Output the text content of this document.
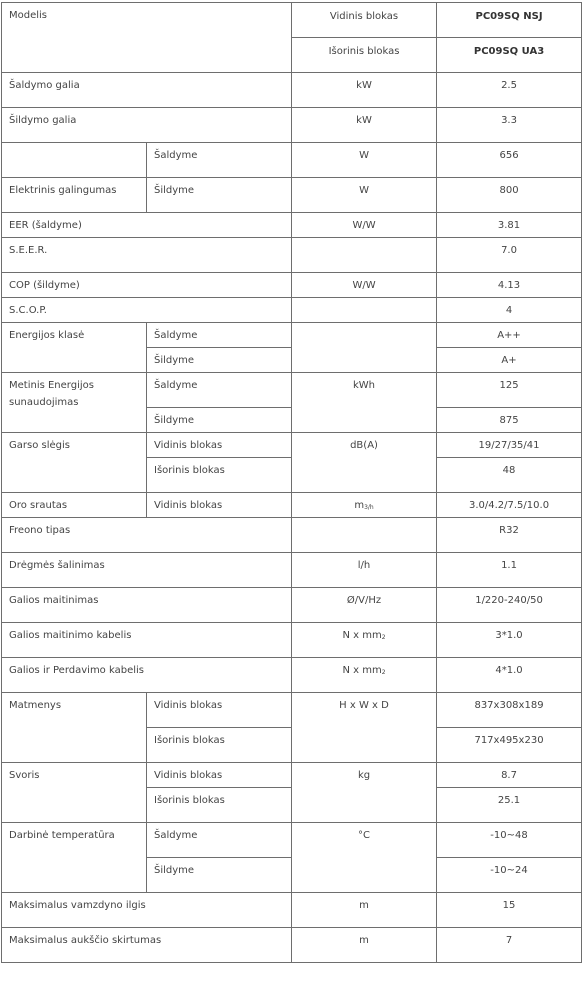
Modelis		Vidinis blokas	PC09SQ NSJ
		Išorinis blokas	PC09SQ UA3
Šaldymo galia		kW	2.5
Šildymo galia		kW	3.3
	Šaldyme	W	656
Elektrinis galingumas	Šildyme	W	800
EER (šaldyme)		W/W	3.81
S.E.E.R.			7.0
COP (šildyme)		W/W	4.13
S.C.O.P.			4
Energijos klasė	Šaldyme		A++
	Šildyme		A+
Metinis Energijos sunaudojimas	Šaldyme	kWh	125
	Šildyme		875
Garso slėgis	Vidinis blokas	dB(A)	19/27/35/41
	Išorinis blokas		48
Oro srautas	Vidinis blokas	$m_{3/h}$	3.0/4.2/7.5/10.0
Freono tipas			R32
Drėgmės šalinimas		l/h	1.1
Galios maitinimas		Ø/V/Hz	1/220-240/50
Galios maitinimo kabelis		N x $mm_2$	3*1.0
Galios ir Perdavimo kabelis		N x $mm_2$	4*1.0
Matmenys	Vidinis blokas	H x W x D	837x308x189
	Išorinis blokas		717x495x230
Svoris	Vidinis blokas	kg	8.7
	Išorinis blokas		25.1
Darbinė temperatūra	Šaldyme	°C	-10~48
	Šildyme		-10~24
Maksimalus vamzdyno ilgis		m	15
Maksimalus aukščio skirtumas		m	7
